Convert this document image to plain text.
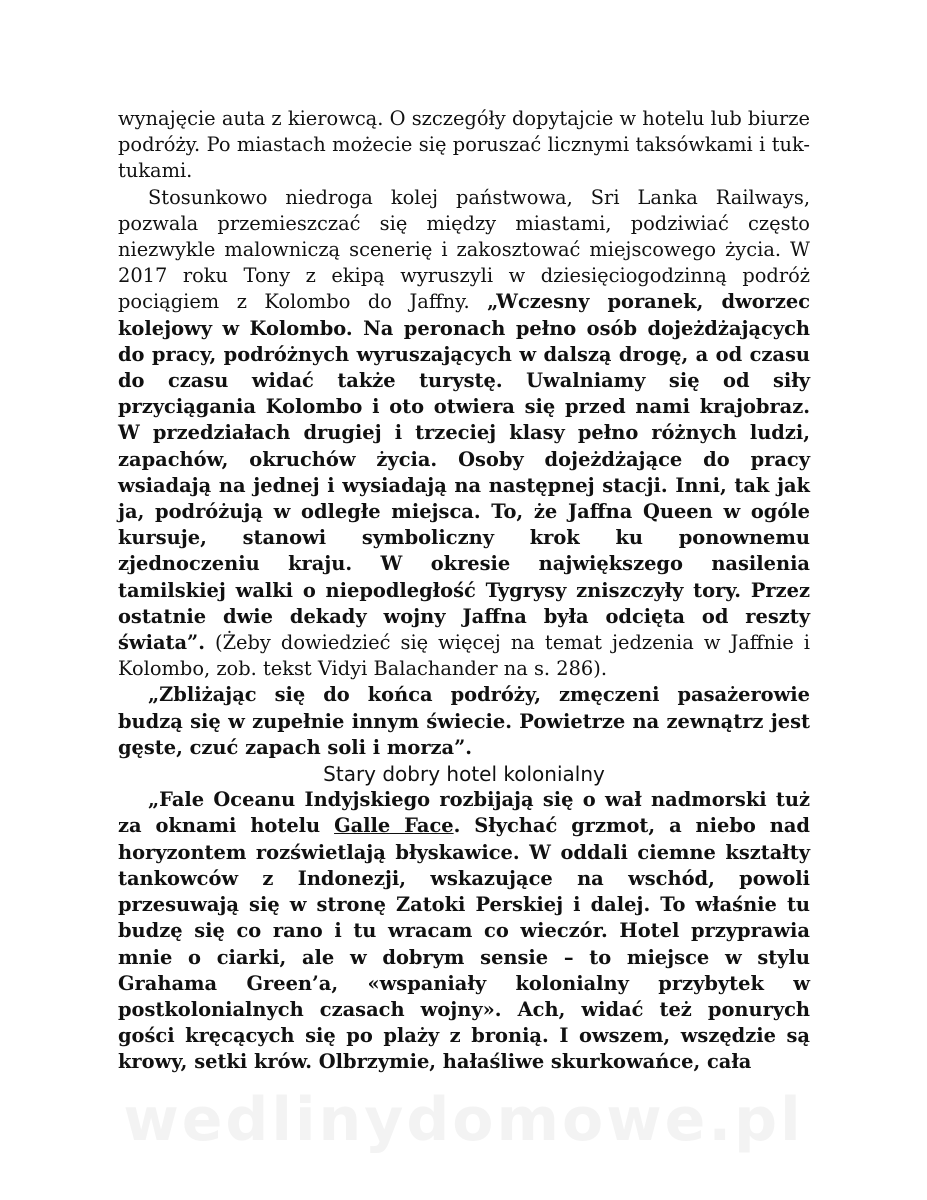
wynajęcie auta z kierowcą. O szczegóły dopytajcie w hotelu lub biurze podróży. Po miastach możecie się poruszać licznymi taksówkami i tuk-tukami.

Stosunkowo niedroga kolej państwowa, Sri Lanka Railways, pozwala przemieszczać się między miastami, podziwiać często niezwykle malowniczą scenerię i zakosztować miejscowego życia. W 2017 roku Tony z ekipą wyruszyli w dziesięciogodzinną podróż pociągiem z Kolombo do Jaffny. „Wczesny poranek, dworzec kolejowy w Kolombo. Na peronach pełno osób dojeżdżających do pracy, podróżnych wyruszających w dalszą drogę, a od czasu do czasu widać także turystę. Uwalniamy się od siły przyciągania Kolombo i oto otwiera się przed nami krajobraz. W przedziałach drugiej i trzeciej klasy pełno różnych ludzi, zapachów, okruchów życia. Osoby dojeżdżające do pracy wsiadają na jednej i wysiadają na następnej stacji. Inni, tak jak ja, podróżują w odległe miejsca. To, że Jaffna Queen w ogóle kursuje, stanowi symboliczny krok ku ponownemu zjednoczeniu kraju. W okresie największego nasilenia tamilskiej walki o niepodległość Tygrysy zniszczyły tory. Przez ostatnie dwie dekady wojny Jaffna była odcięta od reszty świata”. (Żeby dowiedzieć się więcej na temat jedzenia w Jaffnie i Kolombo, zob. tekst Vidyi Balachander na s. 286).

„Zbliżając się do końca podróży, zmęczeni pasażerowie budzą się w zupełnie innym świecie. Powietrze na zewnątrz jest gęste, czuć zapach soli i morza”.

Stary dobry hotel kolonialny

„Fale Oceanu Indyjskiego rozbijają się o wał nadmorski tuż za oknami hotelu Galle Face. Słychać grzmot, a niebo nad horyzontem rozświetlają błyskawice. W oddali ciemne kształty tankowców z Indonezji, wskazujące na wschód, powoli przesuwają się w stronę Zatoki Perskiej i dalej. To właśnie tu budzę się co rano i tu wracam co wieczór. Hotel przyprawia mnie o ciarki, ale w dobrym sensie – to miejsce w stylu Grahama Green’a, «wspaniały kolonialny przybytek w postkolonialnych czasach wojny». Ach, widać też ponurych gości kręcących się po plaży z bronią. I owszem, wszędzie są krowy, setki krów. Olbrzymie, hałaśliwe skurkowańce, cała

wedlinydomowe.pl
